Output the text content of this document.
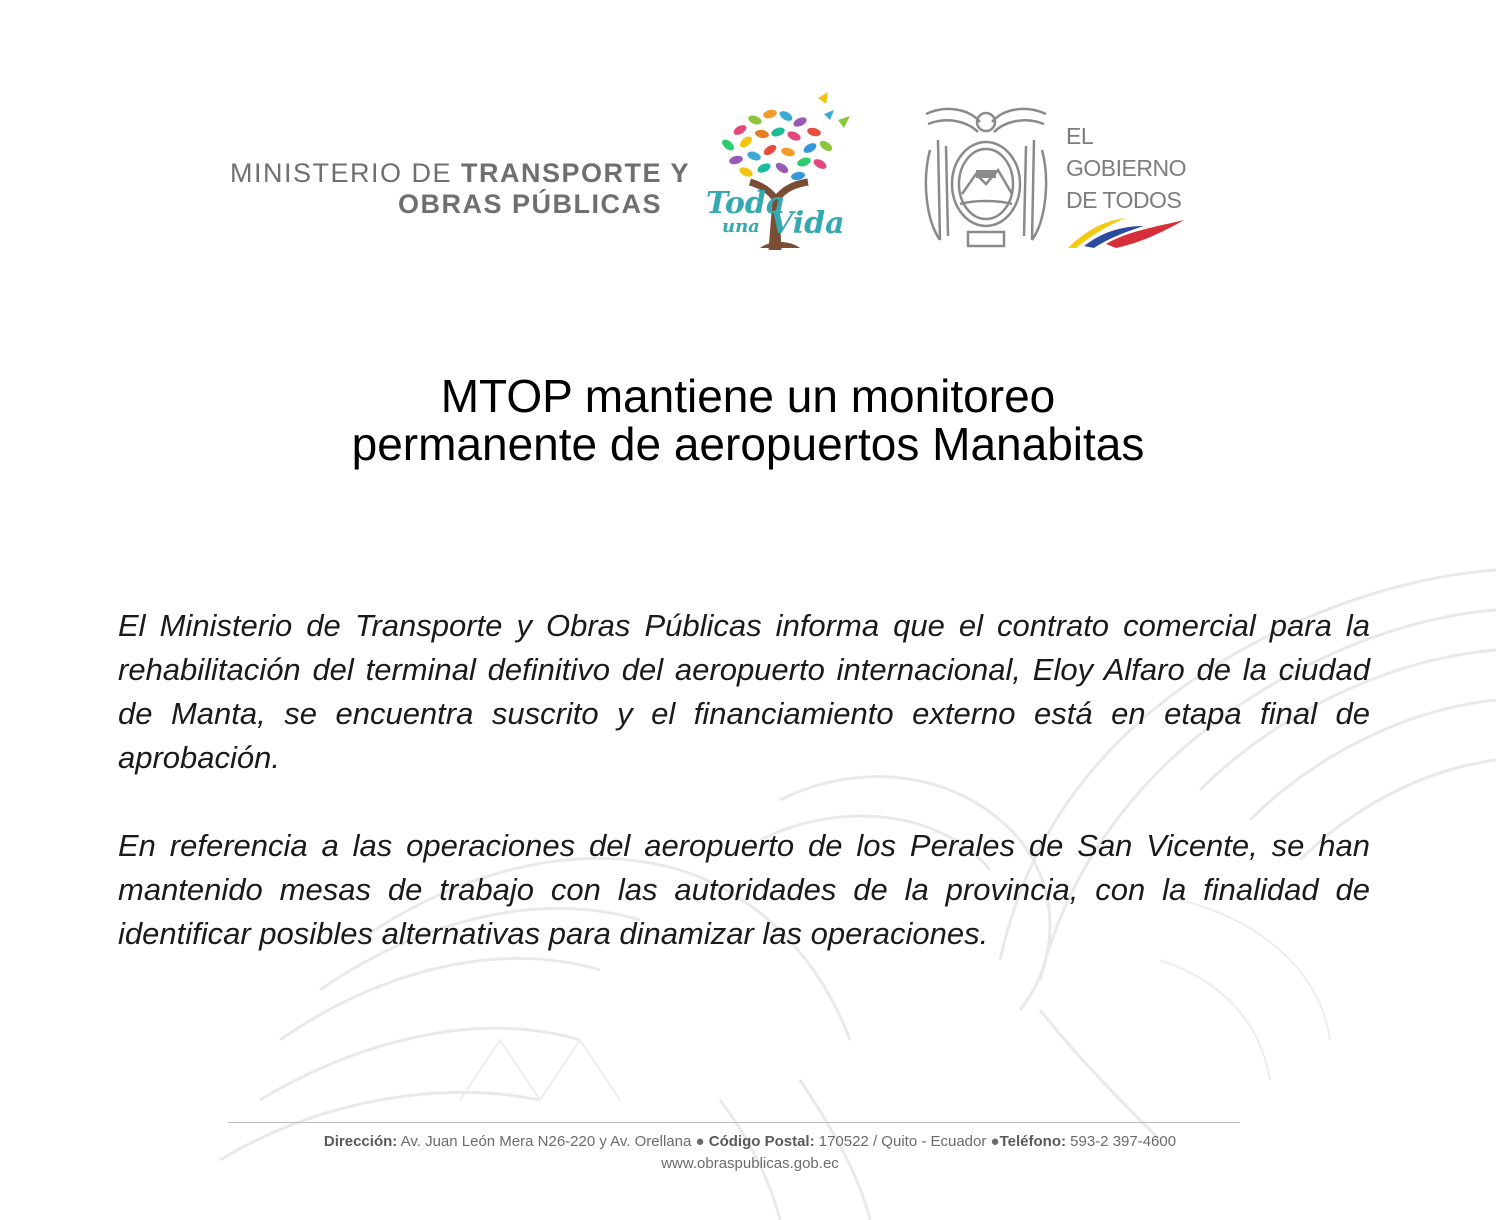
MINISTERIO DE TRANSPORTE Y
OBRAS PÚBLICAS Toda
una Vida
EL
GOBIERNO
DE TODOS
MTOP mantiene un monitoreo
permanente de aeropuertos Manabitas

El Ministerio de Transporte y Obras Públicas informa que el contrato comercial para la rehabilitación del terminal definitivo del aeropuerto internacional, Eloy Alfaro de la ciudad de Manta, se encuentra suscrito y el financiamiento externo está en etapa final de aprobación.

En referencia a las operaciones del aeropuerto de los Perales de San Vicente, se han mantenido mesas de trabajo con las autoridades de la provincia, con la finalidad de identificar posibles alternativas para dinamizar las operaciones.

Dirección: Av. Juan León Mera N26-220 y Av. Orellana ● Código Postal: 170522 / Quito - Ecuador ●Teléfono: 593-2 397-4600
www.obraspublicas.gob.ec
